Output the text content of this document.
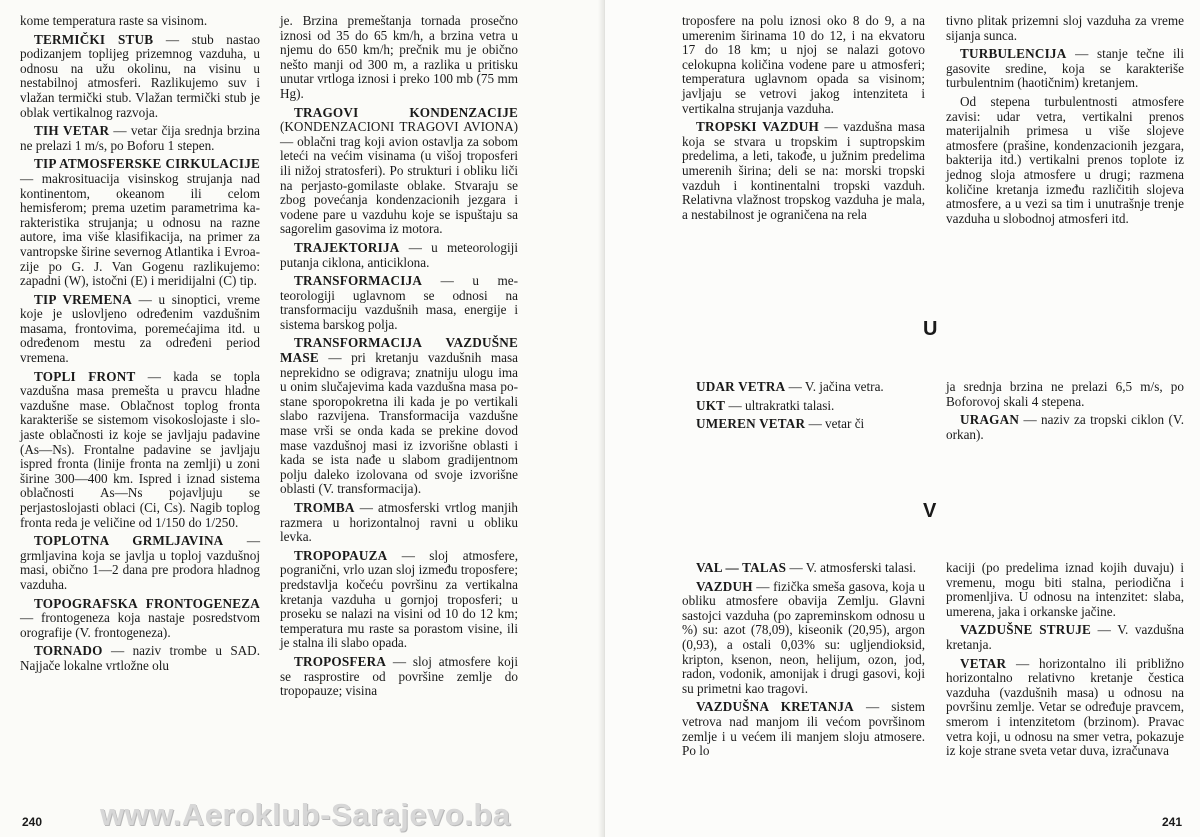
kome temperatura raste sa visinom.

TERMIČKI STUB — stub nastao podizanjem toplijeg prizemnog vazduha, u odnosu na užu okolinu, na visinu u nestabilnoj atmosferi. Razlikujemo suv i vlažan termički stub. Vlažan termički stub je oblak vertikalnog razvoja.

TIH VETAR — vetar čija srednja brzina ne prelazi 1 m/s, po Boforu 1 stepen.

TIP ATMOSFERSKE CIRKULACIJE — makrosituacija visinskog strujanja nad kontinentom, okeanom ili celom hemisferom; prema uzetim parametrima karakteristika strujanja; u odnosu na razne autore, ima više klasifikacija, na primer za vantropske širine severnog Atlantika i Evroazije po G. J. Van Gogenu razlikujemo: zapadni (W), istočni (E) i meridijalni (C) tip.

TIP VREMENA — u sinoptici, vreme koje je uslovljeno određenim vazdušnim masama, frontovima, poremećajima itd. u određenom mestu za određeni period vremena.

TOPLI FRONT — kada se topla vazdušna masa premešta u pravcu hladne vazdušne mase. Oblačnost toplog fronta karakteriše se sistemom visokoslojaste i slojaste oblačnosti iz koje se javljaju padavine (As—Ns). Frontalne padavine se javljaju ispred fronta (linije fronta na zemlji) u zoni širine 300—400 km. Ispred i iznad sistema oblačnosti As—Ns pojavljuju se perjastoslojasti oblaci (Ci, Cs). Nagib toplog fronta reda je veličine od 1/150 do 1/250.

TOPLOTNA GRMLJAVINA — grmljavina koja se javlja u toploj vazdušnoj masi, obično 1—2 dana pre prodora hladnog vazduha.

TOPOGRAFSKA FRONTOGENEZA — frontogeneza koja nastaje posredstvom orografije (V. frontogeneza).

TORNADO — naziv trombe u SAD. Najjače lokalne vrtložne olu

je. Brzina premeštanja tornada prosečno iznosi od 35 do 65 km/h, a brzina vetra u njemu do 650 km/h; prečnik mu je obično nešto manji od 300 m, a razlika u pritisku unutar vrtloga iznosi i preko 100 mb (75 mm Hg).

TRAGOVI KONDENZACIJE (KONDENZACIONI TRAGOVI AVIONA) — oblačni trag koji avion ostavlja za sobom leteći na većim visinama (u višoj troposferi ili nižoj stratosferi). Po strukturi i obliku liči na perjasto-gomilaste oblake. Stvaraju se zbog povećanja kondenzacionih jezgara i vodene pare u vazduhu koje se ispuštaju sa sagorelim gasovima iz motora.

TRAJEKTORIJA — u meteorologiji putanja ciklona, anticiklona.

TRANSFORMACIJA — u meteorologiji uglavnom se odnosi na transformaciju vazdušnih masa, energije i sistema barskog polja.

TRANSFORMACIJA VAZDUŠNE MASE — pri kretanju vazdušnih masa neprekidno se odigrava; znatniju ulogu ima u onim slučajevima kada vazdušna masa postane sporopokretna ili kada je po vertikali slabo razvijena. Transformacija vazdušne mase vrši se onda kada se prekine dovod mase vazdušnoj masi iz izvorišne oblasti i kada se ista nađe u slabom gradijentnom polju daleko izolovana od svoje izvorišne oblasti (V. transformacija).

TROMBA — atmosferski vrtlog manjih razmera u horizontalnoj ravni u obliku levka.

TROPOPAUZA — sloj atmosfere, pogranični, vrlo uzan sloj između troposfere; predstavlja kočeću površinu za vertikalna kretanja vazduha u gornjoj troposferi; u proseku se nalazi na visini od 10 do 12 km; temperatura mu raste sa porastom visine, ili je stalna ili slabo opada.

TROPOSFERA — sloj atmosfere koji se rasprostire od površine zemlje do tropopauze; visina

240

troposfere na polu iznosi oko 8 do 9, a na umerenim širinama 10 do 12, i na ekvatoru 17 do 18 km; u njoj se nalazi gotovo celokupna količina vodene pare u atmosferi; temperatura uglavnom opada sa visinom; javljaju se vetrovi jakog intenziteta i vertikalna strujanja vazduha.

TROPSKI VAZDUH — vazdušna masa koja se stvara u tropskim i suptropskim predelima, a leti, takođe, u južnim predelima umerenih širina; deli se na: morski tropski vazduh i kontinentalni tropski vazduh. Relativna vlažnost tropskog vazduha je mala, a nestabilnost je ograničena na rela

tivno plitak prizemni sloj vazduha za vreme sijanja sunca.

TURBULENCIJA — stanje tečne ili gasovite sredine, koja se karakteriše turbulentnim (haotičnim) kretanjem.

Od stepena turbulentnosti atmosfere zavisi: udar vetra, vertikalni prenos materijalnih primesa u više slojeve atmosfere (prašine, kondenzacionih jezgara, bakterija itd.) vertikalni prenos toplote iz jednog sloja atmosfere u drugi; razmena količine kretanja između različitih slojeva atmosfere, a u vezi sa tim i unutrašnje trenje vazduha u slobodnoj atmosferi itd.

U

UDAR VETRA — V. jačina vetra.

UKT — ultrakratki talasi.

UMEREN VETAR — vetar či

ja srednja brzina ne prelazi 6,5 m/s, po Boforovoj skali 4 stepena.

URAGAN — naziv za tropski ciklon (V. orkan).

V

VAL — TALAS — V. atmosferski talasi.

VAZDUH — fizička smeša gasova, koja u obliku atmosfere obavija Zemlju. Glavni sastojci vazduha (po zapreminskom odnosu u %) su: azot (78,09), kiseonik (20,95), argon (0,93), a ostali 0,03% su: ugljendioksid, kripton, ksenon, neon, helijum, ozon, jod, radon, vodonik, amonijak i drugi gasovi, koji su primetni kao tragovi.

VAZDUŠNA KRETANJA — sistem vetrova nad manjom ili većom površinom zemlje i u većem ili manjem sloju atmosere. Po lo

kaciji (po predelima iznad kojih duvaju) i vremenu, mogu biti stalna, periodična i promenljiva. U odnosu na intenzitet: slaba, umerena, jaka i orkanske jačine.

VAZDUŠNE STRUJE — V. vazdušna kretanja.

VETAR — horizontalno ili približno horizontalno relativno kretanje čestica vazduha (vazdušnih masa) u odnosu na površinu zemlje. Vetar se određuje pravcem, smerom i intenzitetom (brzinom). Pravac vetra koji, u odnosu na smer vetra, pokazuje iz koje strane sveta vetar duva, izračunava

241
www.Aeroklub-Sarajevo.ba
